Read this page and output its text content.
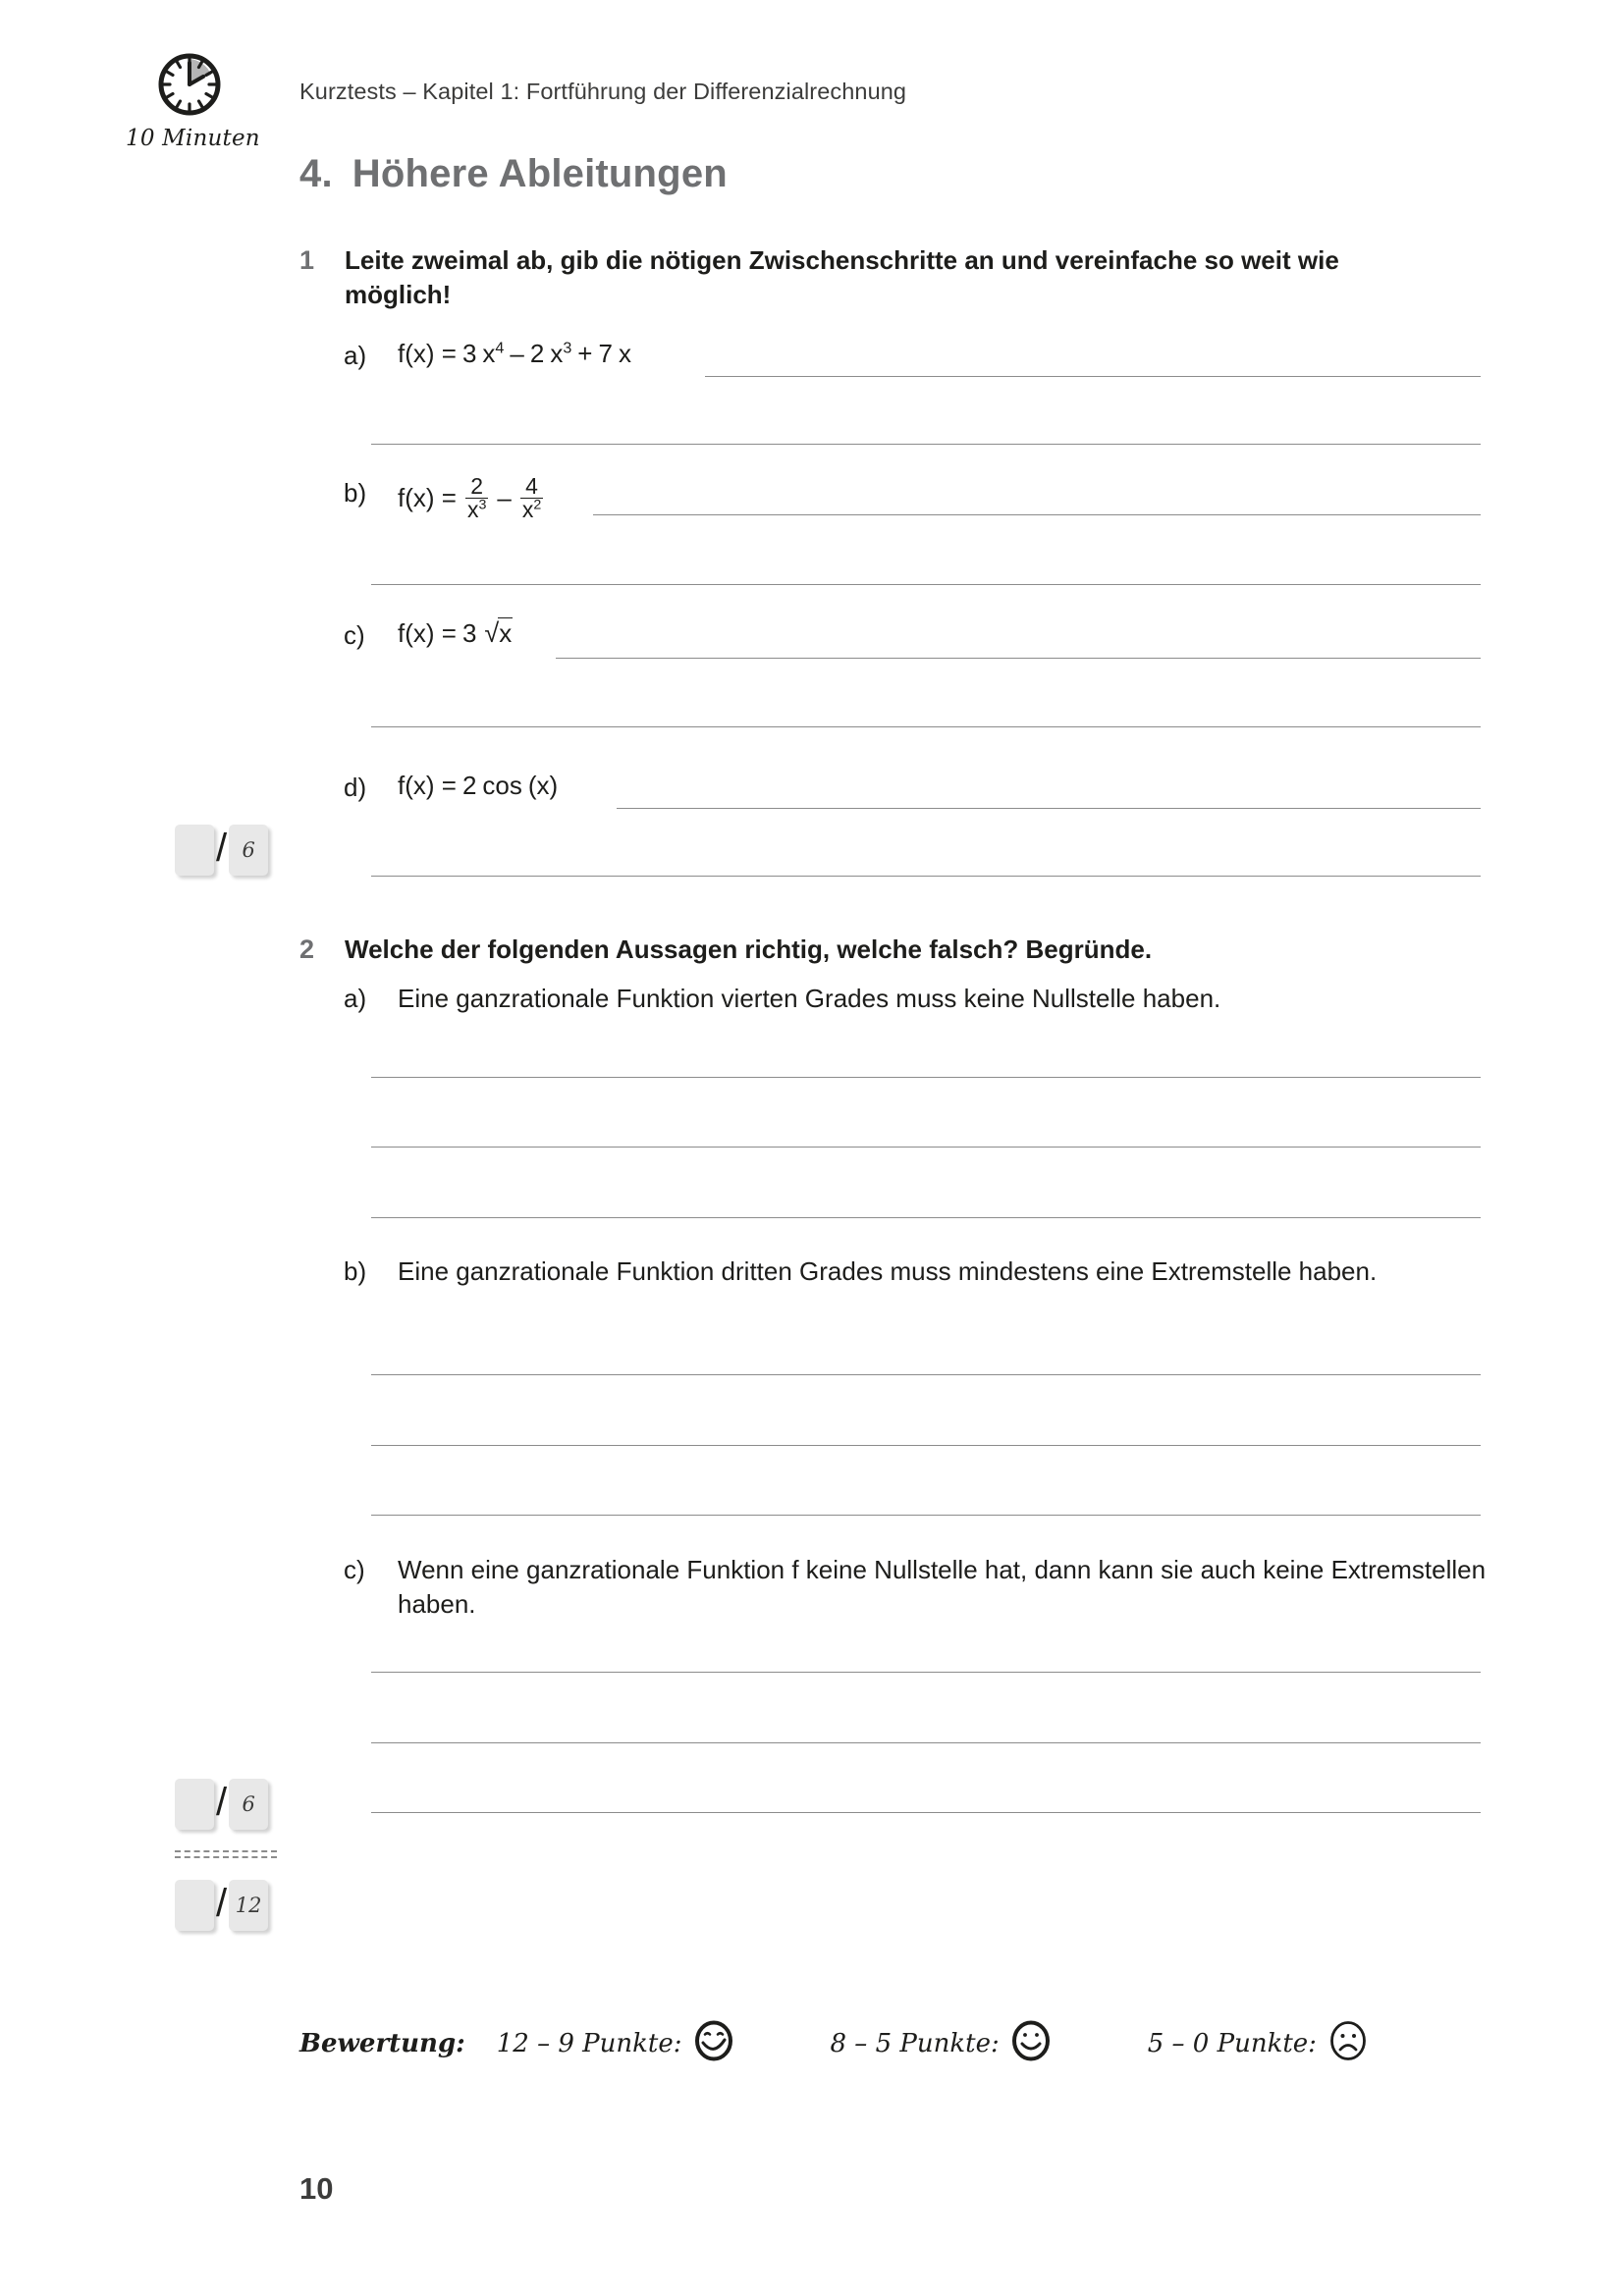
10 Minuten
Kurztests – Kapitel 1: Fortführung der Differenzialrechnung
4. Höhere Ableitungen
1	Leite zweimal ab, gib die nötigen Zwischenschritte an und vereinfache so weit wie möglich!
a)	f(x) = 3 $x^4 - 2$ $x^3 + 7$ x
b)	$f(x) = \frac{2}{x^3} - \frac{4}{x^2}$
c)	f(x) = 3 √x
d)	f(x) = 2 cos (x)
/ 6
2	Welche der folgenden Aussagen richtig, welche falsch? Begründe.
a)	Eine ganzrationale Funktion vierten Grades muss keine Nullstelle haben.
b)	Eine ganzrationale Funktion dritten Grades muss mindestens eine Extremstelle haben.
c)	Wenn eine ganzrationale Funktion f keine Nullstelle hat, dann kann sie auch keine Extremstellen haben.
/ 6
/ 12
Bewertung: 12 – 9 Punkte:	8 – 5 Punkte:	5 – 0 Punkte:
10
